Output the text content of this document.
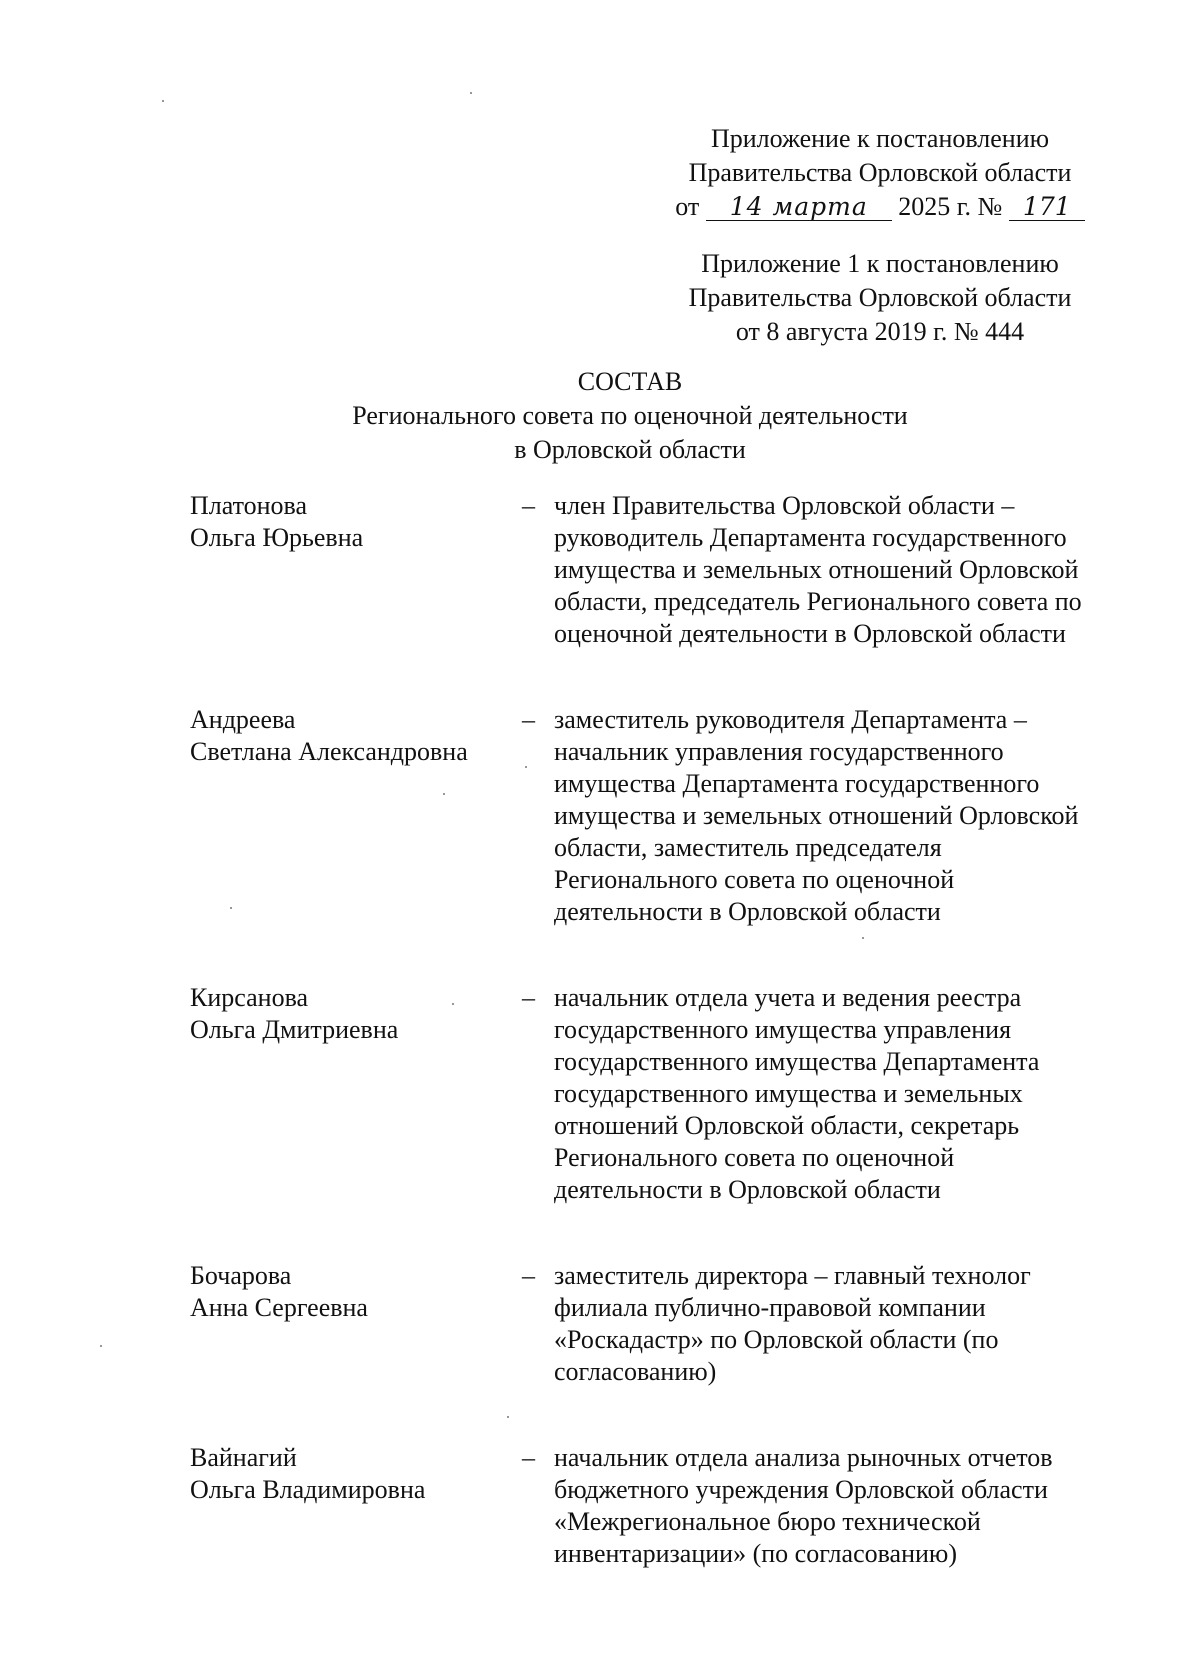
Приложение к постановлению
Правительства Орловской области
от 14 марта 2025 г. № 171
Приложение 1 к постановлению
Правительства Орловской области
от 8 августа 2019 г. № 444
СОСТАВ
Регионального совета по оценочной деятельности
в Орловской области
Платонова
Ольга Юрьевна
– член Правительства Орловской области – руководитель Департамента государственного имущества и земельных отношений Орловской области, председатель Регионального совета по оценочной деятельности в Орловской области
Андреева
Светлана Александровна
– заместитель руководителя Департамента – начальник управления государственного имущества Департамента государственного имущества и земельных отношений Орловской области, заместитель председателя Регионального совета по оценочной деятельности в Орловской области
Кирсанова
Ольга Дмитриевна
– начальник отдела учета и ведения реестра государственного имущества управления государственного имущества Департамента государственного имущества и земельных отношений Орловской области, секретарь Регионального совета по оценочной деятельности в Орловской области
Бочарова
Анна Сергеевна
– заместитель директора – главный технолог филиала публично-правовой компании «Роскадастр» по Орловской области (по согласованию)
Вайнагий
Ольга Владимировна
– начальник отдела анализа рыночных отчетов бюджетного учреждения Орловской области «Межрегиональное бюро технической инвентаризации» (по согласованию)
